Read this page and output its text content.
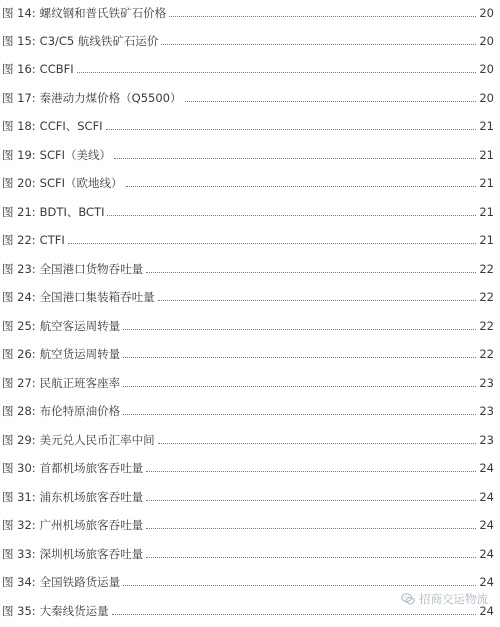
图 14: 螺纹钢和普氏铁矿石价格	20
图 15: C3/C5 航线铁矿石运价	20
图 16: CCBFI	20
图 17: 秦港动力煤价格（Q5500）	20
图 18: CCFI、SCFI	21
图 19: SCFI（美线）	21
图 20: SCFI（欧地线）	21
图 21: BDTI、BCTI	21
图 22: CTFI	21
图 23: 全国港口货物吞吐量	22
图 24: 全国港口集装箱吞吐量	22
图 25: 航空客运周转量	22
图 26: 航空货运周转量	22
图 27: 民航正班客座率	23
图 28: 布伦特原油价格	23
图 29: 美元兑人民币汇率中间	23
图 30: 首都机场旅客吞吐量	24
图 31: 浦东机场旅客吞吐量	24
图 32: 广州机场旅客吞吐量	24
图 33: 深圳机场旅客吞吐量	24
图 34: 全国铁路货运量	24
图 35: 大秦线货运量	24
招商交运物流
